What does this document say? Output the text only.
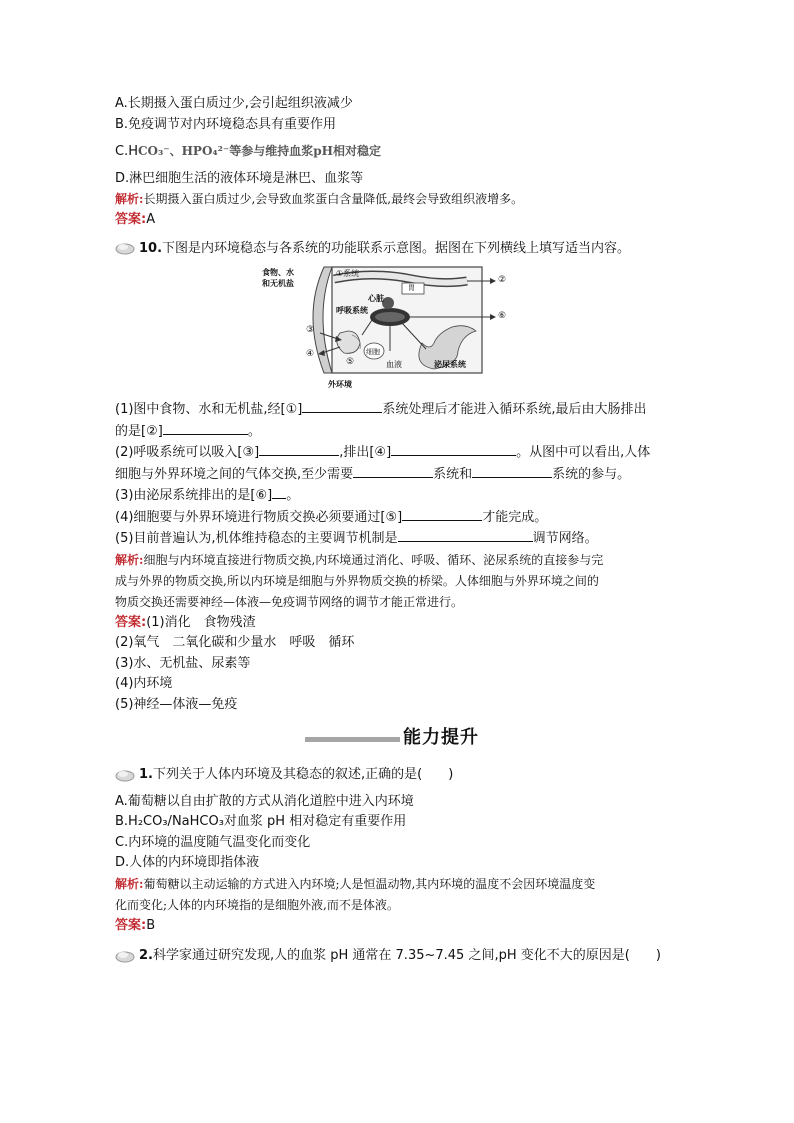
A.长期摄入蛋白质过少,会引起组织液减少
B.免疫调节对内环境稳态具有重要作用
C.HCO₃⁻、HPO₄²⁻等参与维持血浆pH相对稳定
D.淋巴细胞生活的液体环境是淋巴、血浆等
解析:长期摄入蛋白质过少,会导致血浆蛋白含量降低,最终会导致组织液增多。
答案:A
10.下图是内环境稳态与各系统的功能联系示意图。据图在下列横线上填写适当内容。
食物、水
和无机盐
①系统
胃
心脏
呼吸系统
②
⑥
③
④
⑤
细胞
血液	泌尿系统
外环境
(1)图中食物、水和无机盐,经[①]	系统处理后才能进入循环系统,最后由大肠排出
的是[②]	。
(2)呼吸系统可以吸入[③]	,排出[④]	。从图中可以看出,人体
细胞与外界环境之间的气体交换,至少需要	系统和	系统的参与。
(3)由泌尿系统排出的是[⑥] 。
(4)细胞要与外界环境进行物质交换必须要通过[⑤]	才能完成。
(5)目前普遍认为,机体维持稳态的主要调节机制是	调节网络。
解析:细胞与内环境直接进行物质交换,内环境通过消化、呼吸、循环、泌尿系统的直接参与完
成与外界的物质交换,所以内环境是细胞与外界物质交换的桥梁。人体细胞与外界环境之间的
物质交换还需要神经—体液—免疫调节网络的调节才能正常进行。
答案:(1)消化　食物残渣
(2)氧气　二氧化碳和少量水　呼吸　循环
(3)水、无机盐、尿素等
(4)内环境
(5)神经—体液—免疫
能力提升
1.下列关于人体内环境及其稳态的叙述,正确的是(　　)
A.葡萄糖以自由扩散的方式从消化道腔中进入内环境
B.H₂CO₃/NaHCO₃对血浆 pH 相对稳定有重要作用
C.内环境的温度随气温变化而变化
D.人体的内环境即指体液
解析:葡萄糖以主动运输的方式进入内环境;人是恒温动物,其内环境的温度不会因环境温度变
化而变化;人体的内环境指的是细胞外液,而不是体液。
答案:B
2.科学家通过研究发现,人的血浆 pH 通常在 7.35~7.45 之间,pH 变化不大的原因是(　　)
